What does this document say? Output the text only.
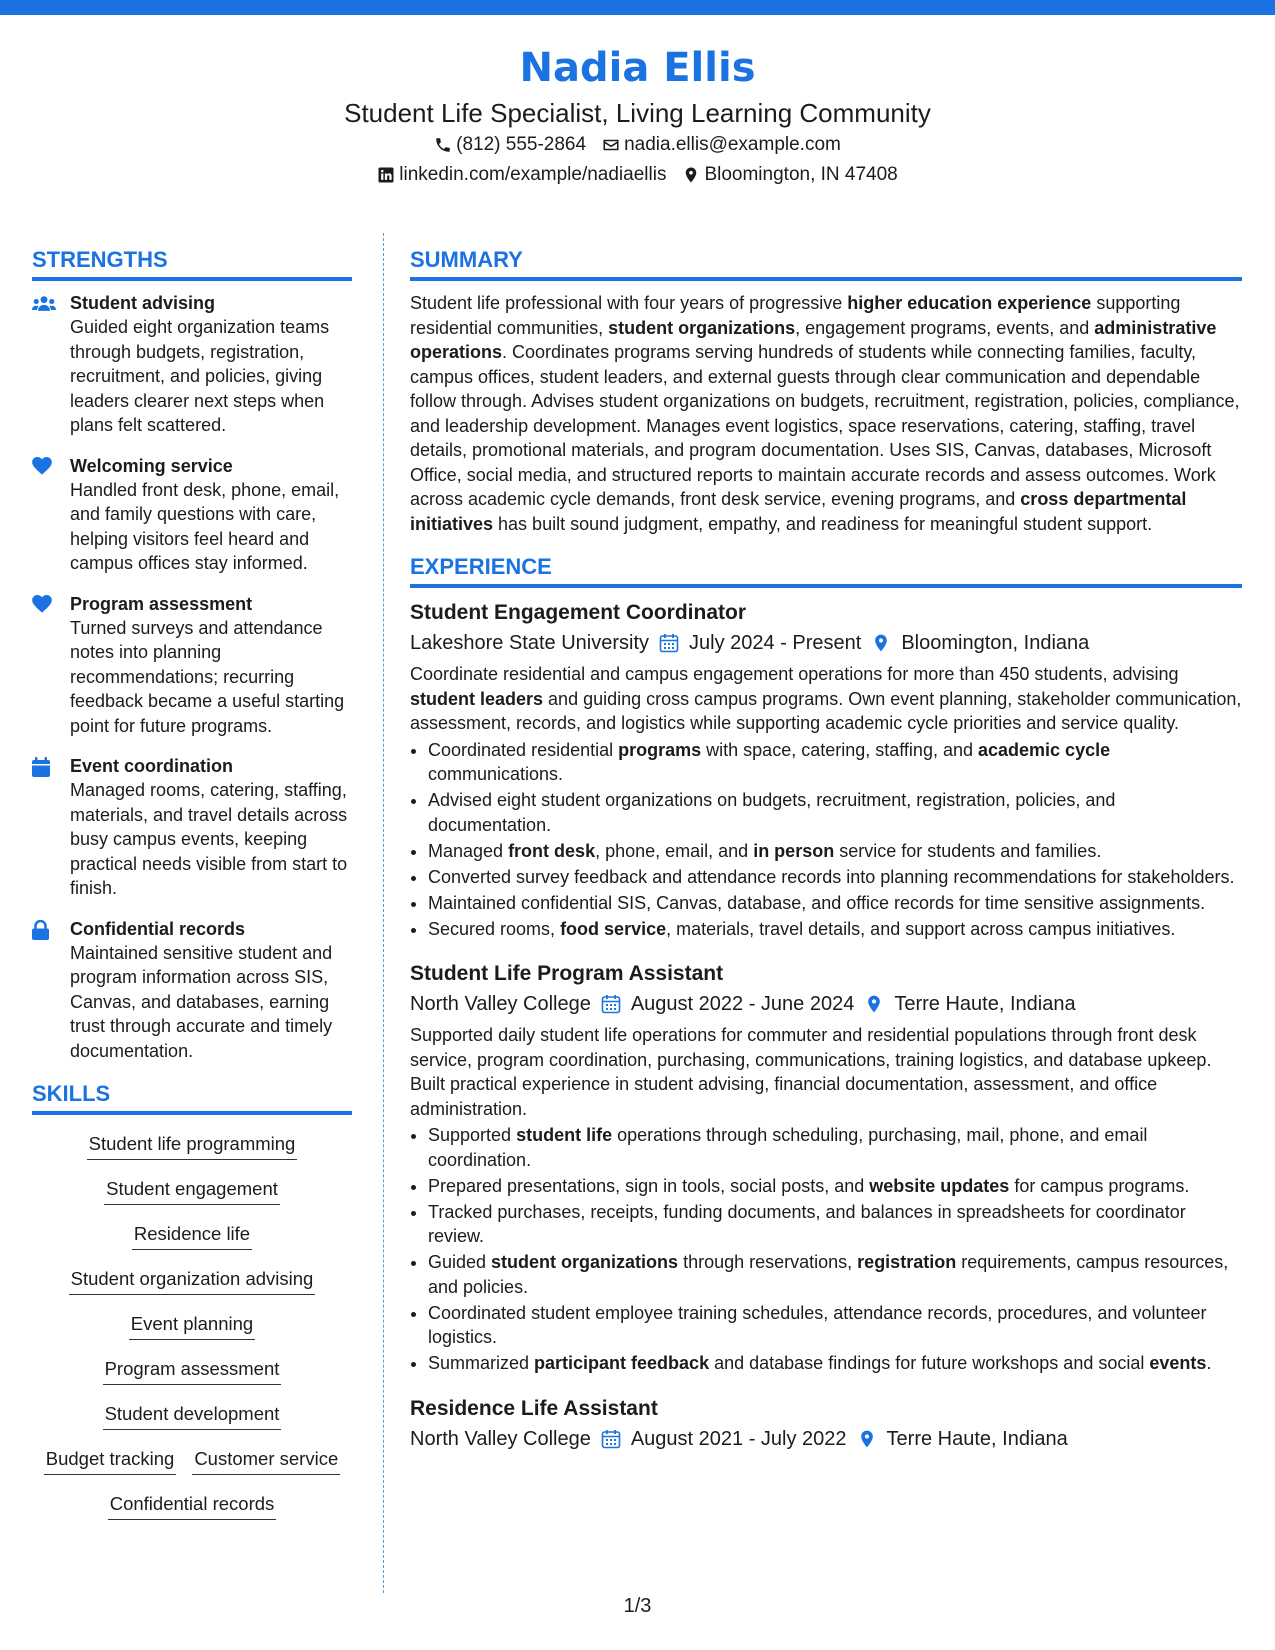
Nadia Ellis
Student Life Specialist, Living Learning Community
(812) 555-2864 nadia.ellis@example.com
linkedin.com/example/nadiaellis Bloomington, IN 47408
STRENGTHS
Student advising
Guided eight organization teams through budgets, registration, recruitment, and policies, giving leaders clearer next steps when plans felt scattered.
Welcoming service
Handled front desk, phone, email, and family questions with care, helping visitors feel heard and campus offices stay informed.
Program assessment
Turned surveys and attendance notes into planning recommendations; recurring feedback became a useful starting point for future programs.
Event coordination
Managed rooms, catering, staffing, materials, and travel details across busy campus events, keeping practical needs visible from start to finish.
Confidential records
Maintained sensitive student and program information across SIS, Canvas, and databases, earning trust through accurate and timely documentation.
SKILLS
Student life programming
Student engagement
Residence life
Student organization advising
Event planning
Program assessment
Student development
Budget tracking Customer service
Confidential records
SUMMARY

Student life professional with four years of progressive higher education experience supporting residential communities, student organizations, engagement programs, events, and administrative operations. Coordinates programs serving hundreds of students while connecting families, faculty, campus offices, student leaders, and external guests through clear communication and dependable follow through. Advises student organizations on budgets, recruitment, registration, policies, compliance, and leadership development. Manages event logistics, space reservations, catering, staffing, travel details, promotional materials, and program documentation. Uses SIS, Canvas, databases, Microsoft Office, social media, and structured reports to maintain accurate records and assess outcomes. Work across academic cycle demands, front desk service, evening programs, and cross departmental initiatives has built sound judgment, empathy, and readiness for meaningful student support.

EXPERIENCE
Student Engagement Coordinator
Lakeshore State University July 2024 - Present Bloomington, Indiana

Coordinate residential and campus engagement operations for more than 450 students, advising student leaders and guiding cross campus programs. Own event planning, stakeholder communication, assessment, records, and logistics while supporting academic cycle priorities and service quality.

• Coordinated residential programs with space, catering, staffing, and academic cycle communications.
• Advised eight student organizations on budgets, recruitment, registration, policies, and documentation.
• Managed front desk, phone, email, and in person service for students and families.
• Converted survey feedback and attendance records into planning recommendations for stakeholders.
• Maintained confidential SIS, Canvas, database, and office records for time sensitive assignments.
• Secured rooms, food service, materials, travel details, and support across campus initiatives.
Student Life Program Assistant
North Valley College August 2022 - June 2024 Terre Haute, Indiana

Supported daily student life operations for commuter and residential populations through front desk service, program coordination, purchasing, communications, training logistics, and database upkeep. Built practical experience in student advising, financial documentation, assessment, and office administration.

• Supported student life operations through scheduling, purchasing, mail, phone, and email coordination.
• Prepared presentations, sign in tools, social posts, and website updates for campus programs.
• Tracked purchases, receipts, funding documents, and balances in spreadsheets for coordinator review.
• Guided student organizations through reservations, registration requirements, campus resources, and policies.
• Coordinated student employee training schedules, attendance records, procedures, and volunteer logistics.
• Summarized participant feedback and database findings for future workshops and social events.
Residence Life Assistant
North Valley College August 2021 - July 2022 Terre Haute, Indiana
1/3
